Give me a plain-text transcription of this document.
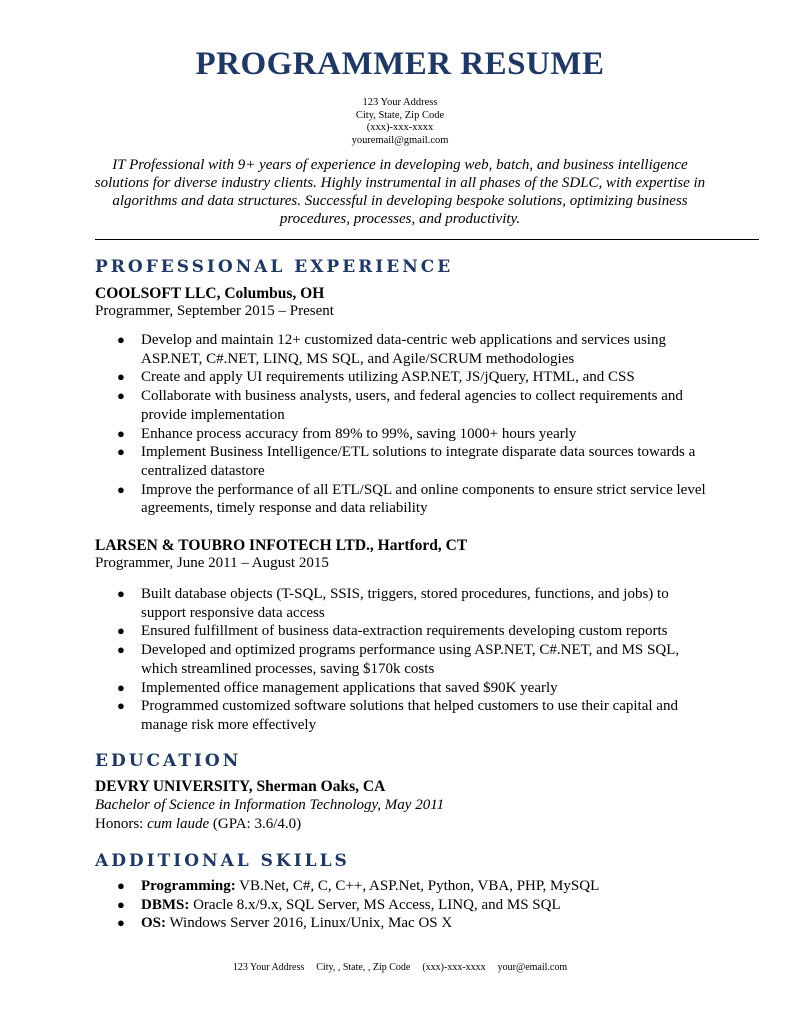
PROGRAMMER RESUME
123 Your Address
City, State, Zip Code
(xxx)-xxx-xxxx
youremail@gmail.com
IT Professional with 9+ years of experience in developing web, batch, and business intelligence solutions for diverse industry clients. Highly instrumental in all phases of the SDLC, with expertise in algorithms and data structures. Successful in developing bespoke solutions, optimizing business procedures, processes, and productivity.
PROFESSIONAL EXPERIENCE
COOLSOFT LLC, Columbus, OH
Programmer, September 2015 – Present
● Develop and maintain 12+ customized data-centric web applications and services using ASP.NET, C#.NET, LINQ, MS SQL, and Agile/SCRUM methodologies
● Create and apply UI requirements utilizing ASP.NET, JS/jQuery, HTML, and CSS
● Collaborate with business analysts, users, and federal agencies to collect requirements and provide implementation
● Enhance process accuracy from 89% to 99%, saving 1000+ hours yearly
● Implement Business Intelligence/ETL solutions to integrate disparate data sources towards a centralized datastore
● Improve the performance of all ETL/SQL and online components to ensure strict service level agreements, timely response and data reliability
LARSEN & TOUBRO INFOTECH LTD., Hartford, CT
Programmer, June 2011 – August 2015
● Built database objects (T-SQL, SSIS, triggers, stored procedures, functions, and jobs) to support responsive data access
● Ensured fulfillment of business data-extraction requirements developing custom reports
● Developed and optimized programs performance using ASP.NET, C#.NET, and MS SQL, which streamlined processes, saving $170k costs
● Implemented office management applications that saved $90K yearly
● Programmed customized software solutions that helped customers to use their capital and manage risk more effectively
EDUCATION
DEVRY UNIVERSITY, Sherman Oaks, CA
Bachelor of Science in Information Technology, May 2011
Honors: cum laude (GPA: 3.6/4.0)
ADDITIONAL SKILLS
● Programming: VB.Net, C#, C, C++, ASP.Net, Python, VBA, PHP, MySQL
● DBMS: Oracle 8.x/9.x, SQL Server, MS Access, LINQ, and MS SQL
● OS: Windows Server 2016, Linux/Unix, Mac OS X
123 Your Address City, , State, , Zip Code (xxx)-xxx-xxxx your@email.com
